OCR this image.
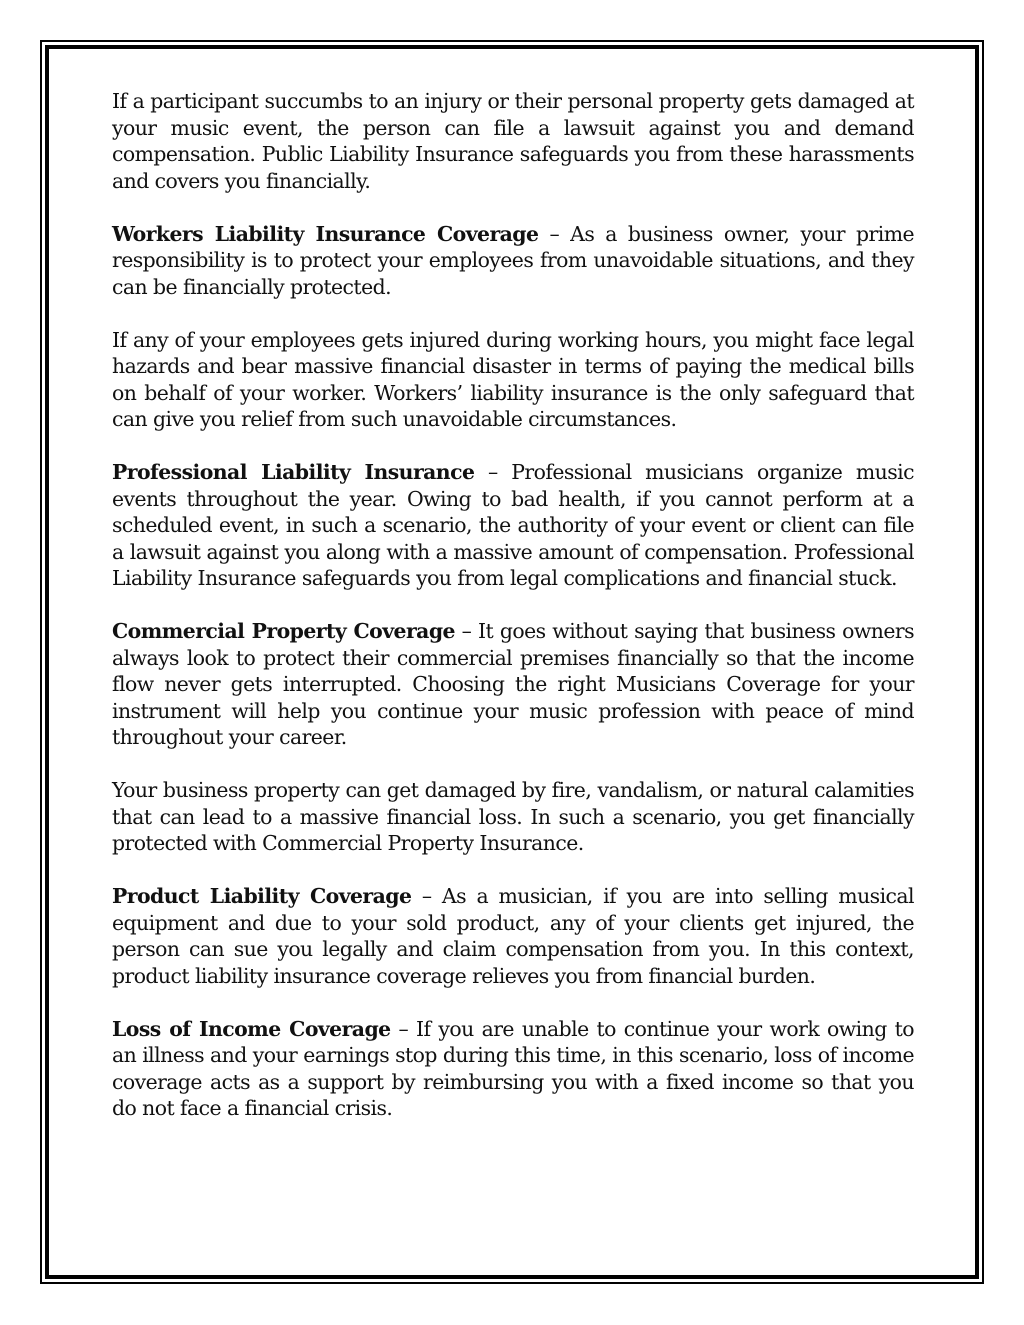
If a participant succumbs to an injury or their personal property gets damaged at your music event, the person can file a lawsuit against you and demand compensation. Public Liability Insurance safeguards you from these harassments and covers you financially.

Workers Liability Insurance Coverage – As a business owner, your prime responsibility is to protect your employees from unavoidable situations, and they can be financially protected.

If any of your employees gets injured during working hours, you might face legal hazards and bear massive financial disaster in terms of paying the medical bills on behalf of your worker. Workers’ liability insurance is the only safeguard that can give you relief from such unavoidable circumstances.

Professional Liability Insurance – Professional musicians organize music events throughout the year. Owing to bad health, if you cannot perform at a scheduled event, in such a scenario, the authority of your event or client can file a lawsuit against you along with a massive amount of compensation. Professional Liability Insurance safeguards you from legal complications and financial stuck.

Commercial Property Coverage – It goes without saying that business owners always look to protect their commercial premises financially so that the income flow never gets interrupted. Choosing the right Musicians Coverage for your instrument will help you continue your music profession with peace of mind throughout your career.

Your business property can get damaged by fire, vandalism, or natural calamities that can lead to a massive financial loss. In such a scenario, you get financially protected with Commercial Property Insurance.

Product Liability Coverage – As a musician, if you are into selling musical equipment and due to your sold product, any of your clients get injured, the person can sue you legally and claim compensation from you. In this context, product liability insurance coverage relieves you from financial burden.

Loss of Income Coverage – If you are unable to continue your work owing to an illness and your earnings stop during this time, in this scenario, loss of income coverage acts as a support by reimbursing you with a fixed income so that you do not face a financial crisis.
